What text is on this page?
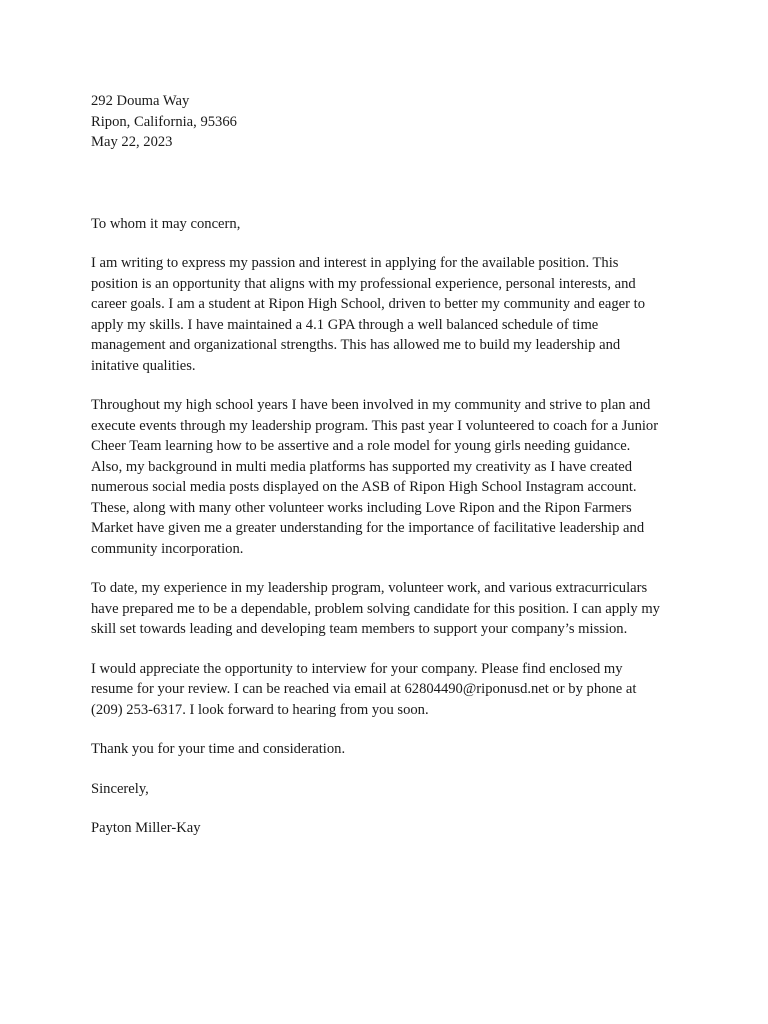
292 Douma Way
Ripon, California, 95366
May 22, 2023
To whom it may concern,
I am writing to express my passion and interest in applying for the available position. This
position is an opportunity that aligns with my professional experience, personal interests, and
career goals. I am a student at Ripon High School, driven to better my community and eager to
apply my skills. I have maintained a 4.1 GPA through a well balanced schedule of time
management and organizational strengths. This has allowed me to build my leadership and
initative qualities.
Throughout my high school years I have been involved in my community and strive to plan and
execute events through my leadership program. This past year I volunteered to coach for a Junior
Cheer Team learning how to be assertive and a role model for young girls needing guidance.
Also, my background in multi media platforms has supported my creativity as I have created
numerous social media posts displayed on the ASB of Ripon High School Instagram account.
These, along with many other volunteer works including Love Ripon and the Ripon Farmers
Market have given me a greater understanding for the importance of facilitative leadership and
community incorporation.
To date, my experience in my leadership program, volunteer work, and various extracurriculars
have prepared me to be a dependable, problem solving candidate for this position. I can apply my
skill set towards leading and developing team members to support your company’s mission.
I would appreciate the opportunity to interview for your company. Please find enclosed my
resume for your review. I can be reached via email at 62804490@riponusd.net or by phone at
(209) 253-6317. I look forward to hearing from you soon.
Thank you for your time and consideration.
Sincerely,
Payton Miller-Kay
